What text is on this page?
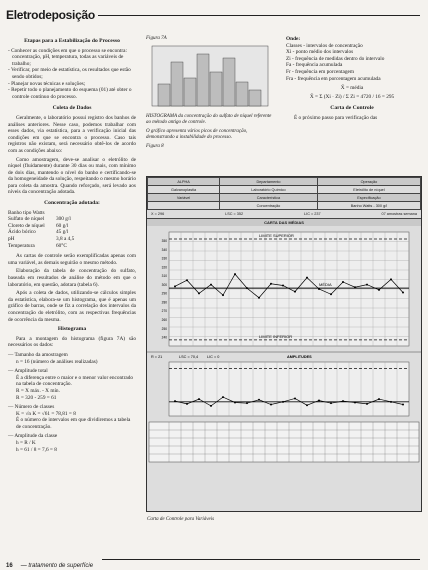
Eletrodeposição
Etapas para a Estabilização do Processo
- Conhecer as condições em que o processo se encontra: concentração, pH, temperatura, todas as variáveis de trabalho;
- Verificar, por meio de estatística, os resultados que estão sendo obtidos;
- Planejar novas técnicas e soluções;
- Repetir todo o planejamento do esquema (01) até obter o controle contínuo do processo.
Coleta de Dados
Geralmente, o laboratório possui registro dos banhos de análises anteriores. Nesse caso, podemos trabalhar com esses dados, via estatística, para a verificação inicial das condições em que se encontra o processo. Caso tais registros não existam, será necessário obtê-los de acordo com as condições abaixo:
Como amostragem, deve-se analisar o eletrólito de níquel (fluidamente) durante 30 dias ou mais, com mínimo de dois dias, mantendo o nível do banho e certificando-se da homogeneidade da solução, respeitando o mesmo horário para coleta da amostra. Quando reforçado, será levado aos níveis da concentração adotada.
Concentração adotada:
Banho tipo Watts
Sulfato de níquel	300 g/l
Cloreto de níquel	60 g/l
Ácido bórico	45 g/l
pH	3,8 a 4,5
Temperatura	60°C
As cartas de controle serão exemplificadas apenas com uma variável, as demais seguirão o mesmo método.
Elaboração da tabela de concentração do sulfato, baseada em resultados de análise do método em que o laboratório, em questão, adotara (tabela 6).
Após a coleta de dados, utilizando-se cálculos simples da estatística, elabora-se um histograma, que é apenas um gráfico de barras, onde se fiz a correlação dos intervalos da concentração do eletrólito, com as respectivas frequências de ocorrência da mesma.
Histograma
Para a montagem do histograma (figura 7A) são necessários os dados:
— Tamanho da amostragem
n = 16 (número de análises realizadas)
— Amplitude total
É a diferença entre o maior e o menor valor encontrado na tabela de concentração.
R = X máx. - X mín.
R = 320 - 259 = 61
— Número de classes
K = √n K = √61 = 78,81 = 8
É o número de intervalos em que dividiremos a tabela de concentração.
— Amplitude da classe
h = R / K
h = 61 / 8 = 7,6 = 8
Figura 7A
HISTOGRAMA da concentração do sulfato de níquel referente ao método antigo de controle.
O gráfico apresenta vários picos de concentração, demonstrando a instabilidade do processo.
Figura 8
Onde:
Classes - intervalos de concentração
Xi - ponto médio dos intervalos
Zi - frequência de medidas dentro do intervalo
Fa - frequência acumulada
Fr - frequência em porcentagem
Fra - frequência em porcentagem acumulada
X̄ = média
X̄ = Σ (Xi · Zi) / Σ Zi = 4720 / 16 = 295
Carta de Controle
É o próximo passo para verificação das
ALPHA	Departamento	Operação
Galvanoplastia	Laboratório Químico	Eletrólito de níquel
Variável	Característica	Especificação
	Concentração	Banho Watts - 300 g/l
X = 296	LSC = 352	LIC = 237	07 amostras semana
CARTA DAS MÉDIAS
LIMITE SUPERIOR
MÉDIA
LIMITE INFERIOR
240
250
260
270
280
290
300
310
320
330
340
350
R = 21	LSC = 70,4 LIC = 0	AMPLITUDES
Carta de Controle para Variáveis
16 — tratamento de superfície
